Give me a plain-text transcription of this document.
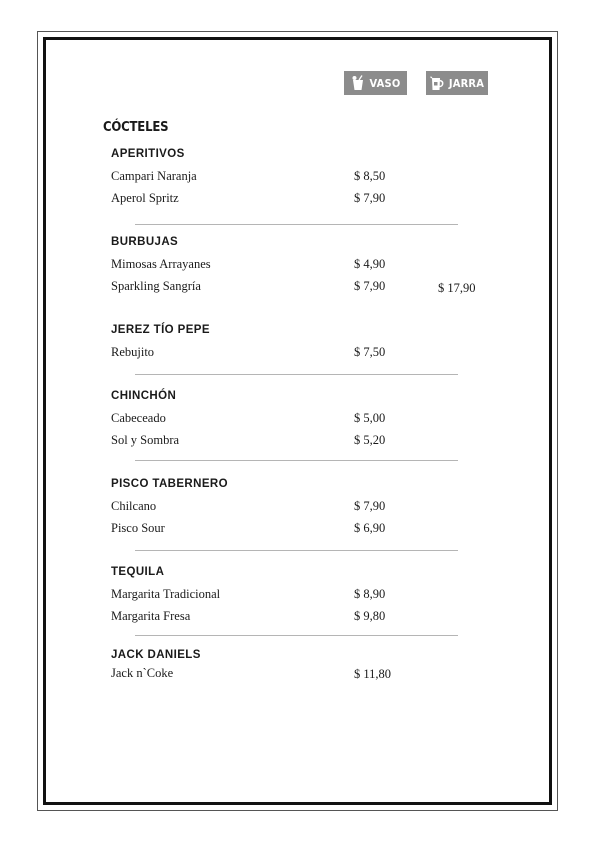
VASO	JARRA
CÓCTELES
APERITIVOS
Campari Naranja	$ 8,50
Aperol Spritz	$ 7,90
BURBUJAS
Mimosas Arrayanes	$ 4,90
Sparkling Sangría	$ 7,90	$ 17,90
JEREZ TÍO PEPE
Rebujito	$ 7,50
CHINCHÓN
Cabeceado	$ 5,00
Sol y Sombra	$ 5,20
PISCO TABERNERO
Chilcano	$ 7,90
Pisco Sour	$ 6,90
TEQUILA
Margarita Tradicional	$ 8,90
Margarita Fresa	$ 9,80
JACK DANIELS
Jack n`Coke	$ 11,80
